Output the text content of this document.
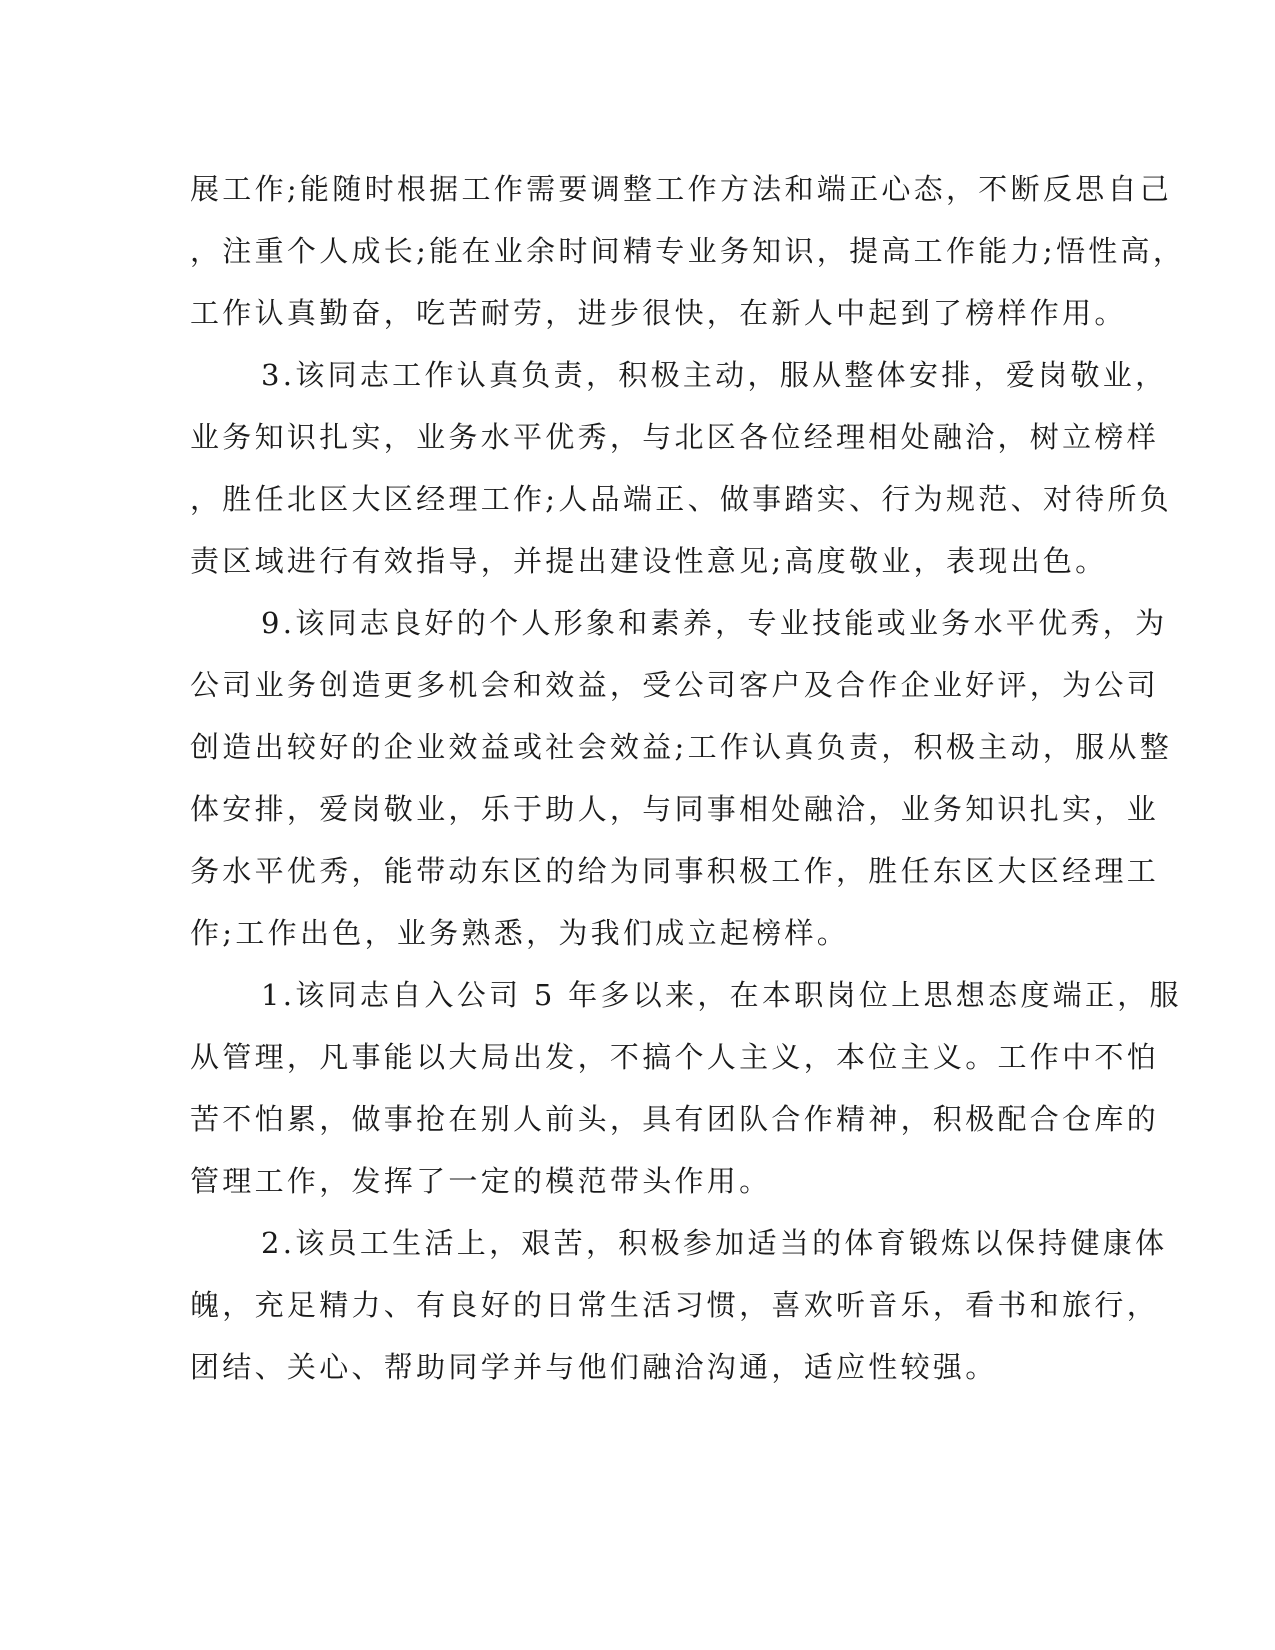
展工作;能随时根据工作需要调整工作方法和端正心态，不断反思自己
，注重个人成长;能在业余时间精专业务知识，提高工作能力;悟性高，
工作认真勤奋，吃苦耐劳，进步很快，在新人中起到了榜样作用。
3.该同志工作认真负责，积极主动，服从整体安排，爱岗敬业，
业务知识扎实，业务水平优秀，与北区各位经理相处融洽，树立榜样
，胜任北区大区经理工作;人品端正、做事踏实、行为规范、对待所负
责区域进行有效指导，并提出建设性意见;高度敬业，表现出色。
9.该同志良好的个人形象和素养，专业技能或业务水平优秀，为
公司业务创造更多机会和效益，受公司客户及合作企业好评，为公司
创造出较好的企业效益或社会效益;工作认真负责，积极主动，服从整
体安排，爱岗敬业，乐于助人，与同事相处融洽，业务知识扎实，业
务水平优秀，能带动东区的给为同事积极工作，胜任东区大区经理工
作;工作出色，业务熟悉，为我们成立起榜样。
1.该同志自入公司 5 年多以来，在本职岗位上思想态度端正，服
从管理，凡事能以大局出发，不搞个人主义，本位主义。工作中不怕
苦不怕累，做事抢在别人前头，具有团队合作精神，积极配合仓库的
管理工作，发挥了一定的模范带头作用。
2.该员工生活上，艰苦，积极参加适当的体育锻炼以保持健康体
魄，充足精力、有良好的日常生活习惯，喜欢听音乐，看书和旅行，
团结、关心、帮助同学并与他们融洽沟通，适应性较强。
